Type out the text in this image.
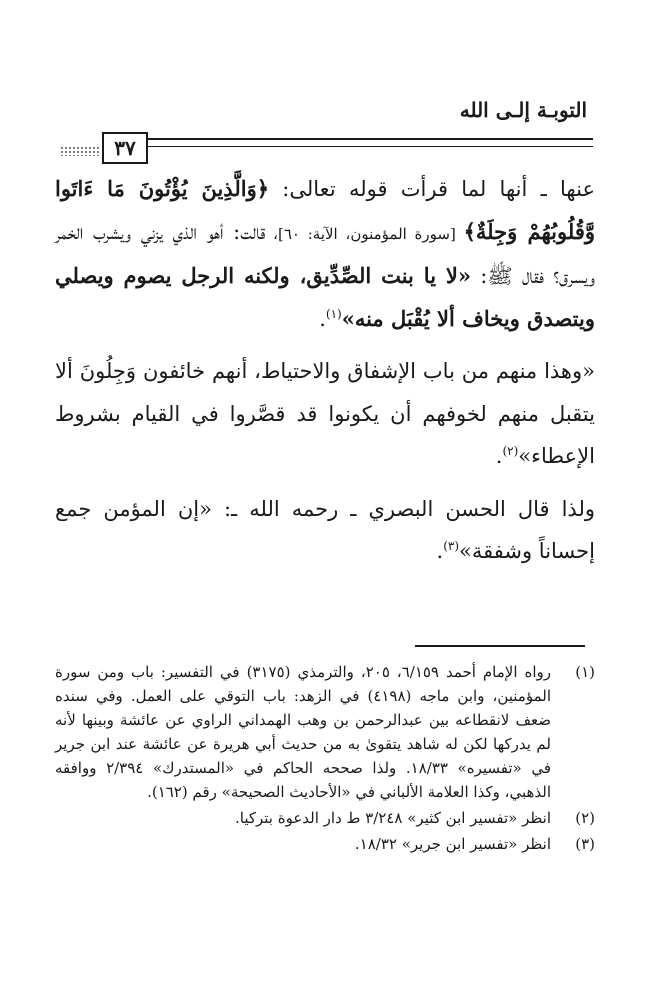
التوبـة إلـى الله
٣٧

عنها ـ أنها لما قرأت قوله تعالى: ﴿وَالَّذِينَ يُؤْتُونَ مَا ءَاتَوا وَّقُلُوبُهُمْ وَجِلَةٌ﴾ [سورة المؤمنون، الآية: ٦٠]، قالت: أهو الذي يزني ويشرب الخمر ويسرق؟ فقال ﷺ: «لا يا بنت الصِّدِّيق، ولكنه الرجل يصوم ويصلي ويتصدق ويخاف ألا يُقْبَل منه»$^{(١)}$.

«وهذا منهم من باب الإشفاق والاحتياط، أنهم خائفون وَجِلُونَ ألا يتقبل منهم لخوفهم أن يكونوا قد قصَّروا في القيام بشروط الإعطاء»$^{(٢)}$.

ولذا قال الحسن البصري ـ رحمه الله ـ: «إن المؤمن جمع إحساناً وشفقة»$^{(٣)}$.

(١)
رواه الإمام أحمد ٦/١٥٩، ٢٠٥، والترمذي (٣١٧٥) في التفسير: باب ومن سورة المؤمنين، وابن ماجه (٤١٩٨) في الزهد: باب التوقي على العمل. وفي سنده ضعف لانقطاعه بين عبدالرحمن بن وهب الهمداني الراوي عن عائشة وبينها لأنه لم يدركها لكن له شاهد يتقوىٰ به من حديث أبي هريرة عن عائشة عند ابن جرير في «تفسيره» ١٨/٣٣. ولذا صححه الحاكم في «المستدرك» ٢/٣٩٤ ووافقه الذهبي، وكذا العلامة الألباني في «الأحاديث الصحيحة» رقم (١٦٢).
(٢)
انظر «تفسير ابن كثير» ٣/٢٤٨ ط دار الدعوة بتركيا.
(٣)
انظر «تفسير ابن جرير» ١٨/٣٢.
